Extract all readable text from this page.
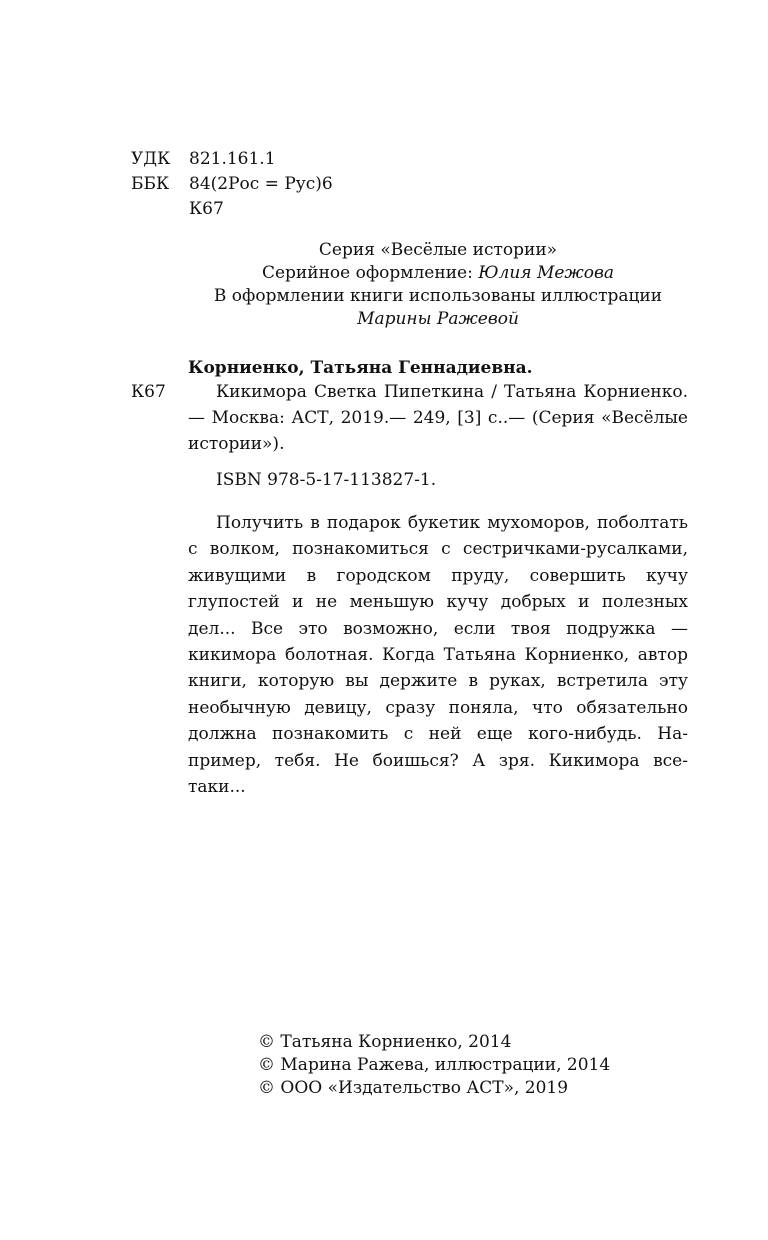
УДК	821.161.1
ББК	84(2Рос = Рус)6
К67
Серия «Весёлые истории»
Серийное оформление: Юлия Межова
В оформлении книги использованы иллюстрации
Марины Ражевой
Корниенко, Татьяна Геннадиевна.
К67	Кикимора Светка Пипеткина / Татьяна Корниенко.— Москва: АСТ, 2019.— 249, [3] с..— (Серия «Весёлые истории»).
ISBN 978-5-17-113827-1.
Получить в подарок букетик мухоморов, поболтать с волком, познакомиться с сестричками-русалками, живущими в городском пруду, совершить кучу глупостей и не меньшую кучу добрых и полезных дел... Все это возможно, если твоя подружка — кикимора болотная. Когда Татьяна Корниенко, автор книги, которую вы держите в руках, встретила эту необычную девицу, сразу поняла, что обязательно должна познакомить с ней еще кого-нибудь. Например, тебя. Не боишься? А зря. Кикимора все-таки...
© Татьяна Корниенко, 2014
© Марина Ражева, иллюстрации, 2014
© ООО «Издательство АСТ», 2019
